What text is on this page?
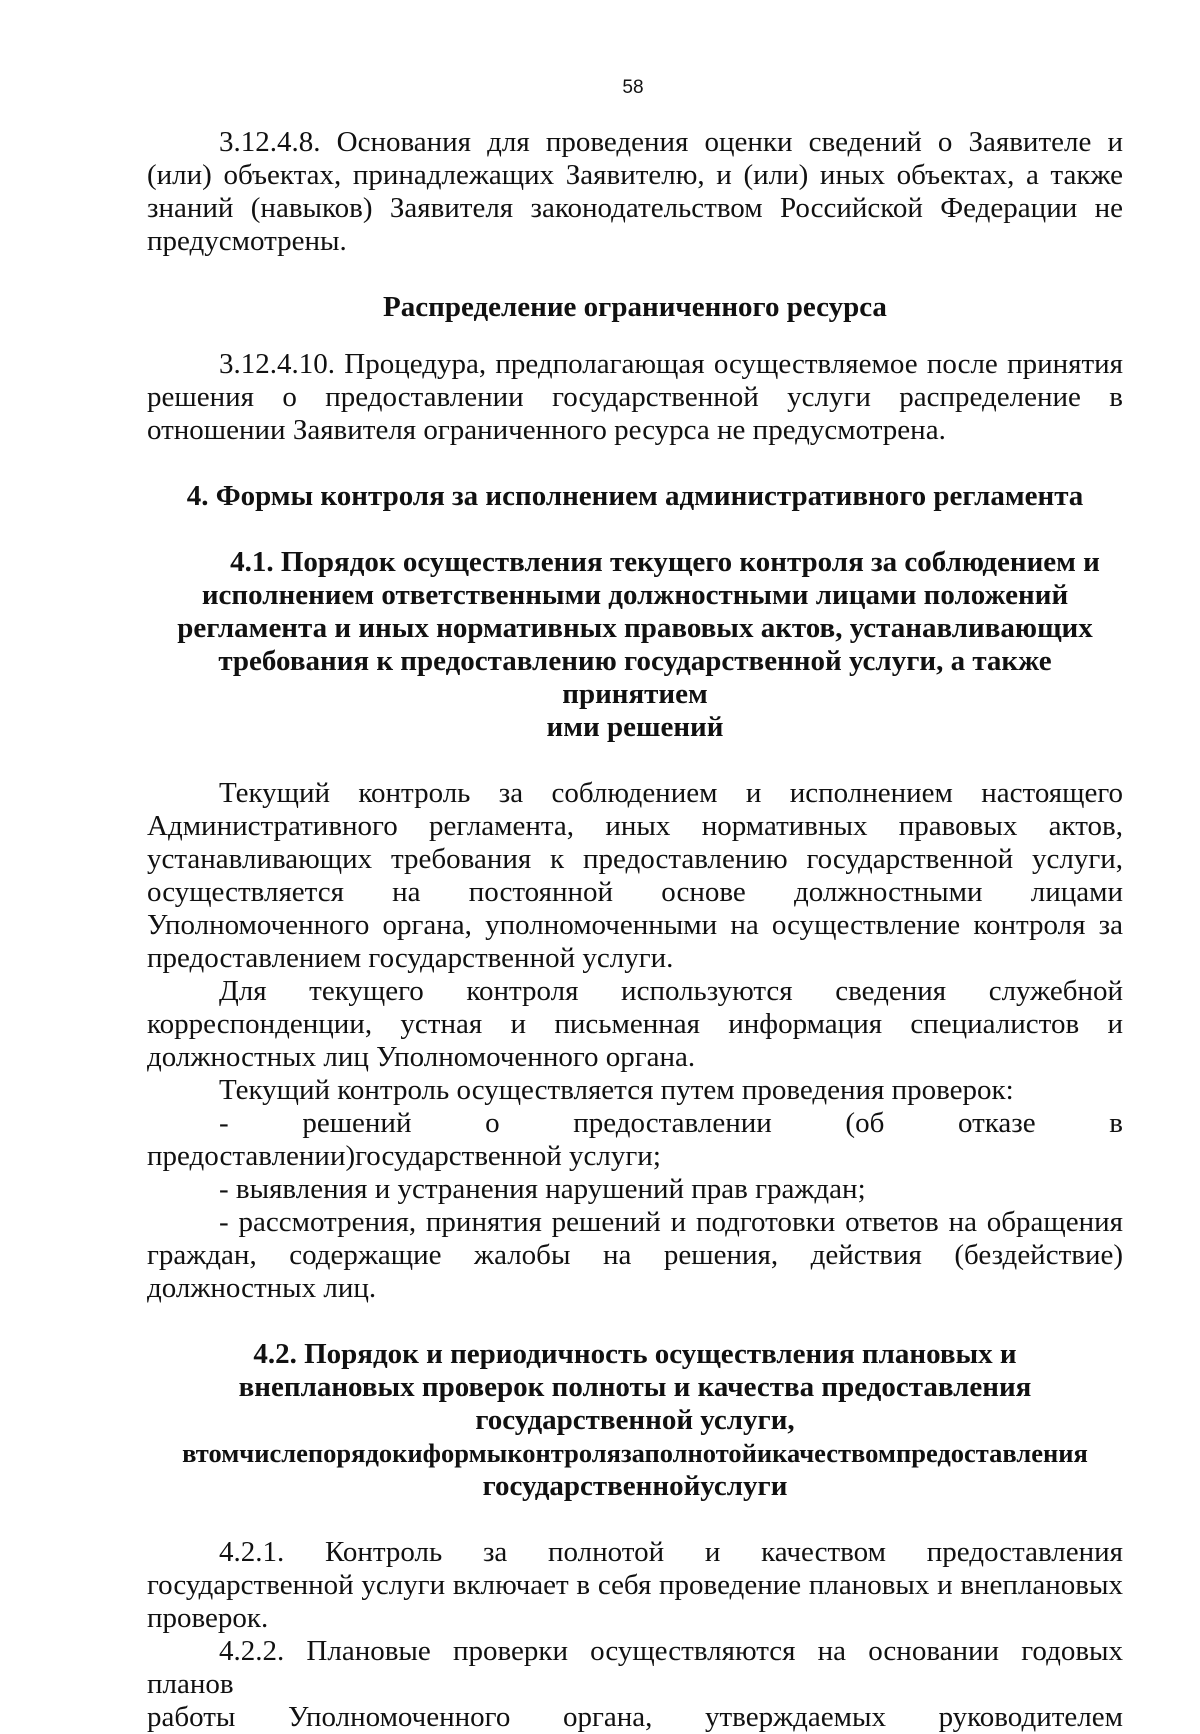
58

3.12.4.8. Основания для проведения оценки сведений о Заявителе и (или) объектах, принадлежащих Заявителю, и (или) иных объектах, а также знаний (навыков) Заявителя законодательством Российской Федерации не предусмотрены.

Распределение ограниченного ресурса

3.12.4.10. Процедура, предполагающая осуществляемое после принятия решения о предоставлении государственной услуги распределение в отношении Заявителя ограниченного ресурса не предусмотрена.

4. Формы контроля за исполнением административного регламента
4.1. Порядок осуществления текущего контроля за соблюдением и
исполнением ответственными должностными лицами положений
регламента и иных нормативных правовых актов, устанавливающих
требования к предоставлению государственной услуги, а также принятием
ими решений

Текущий контроль за соблюдением и исполнением настоящего Административного регламента, иных нормативных правовых актов, устанавливающих требования к предоставлению государственной услуги, осуществляется на постоянной основе должностными лицами Уполномоченного органа, уполномоченными на осуществление контроля за предоставлением государственной услуги.

Для текущего контроля используются сведения служебной корреспонденции, устная и письменная информация специалистов и должностных лиц Уполномоченного органа.

Текущий контроль осуществляется путем проведения проверок:

-	решений	о	предоставлении	(об	отказе	в

предоставлении)государственной услуги;

- выявления и устранения нарушений прав граждан;

- рассмотрения, принятия решений и подготовки ответов на обращения граждан, содержащие жалобы на решения, действия (бездействие) должностных лиц.

4.2. Порядок и периодичность осуществления плановых и
внеплановых проверок полноты и качества предоставления
государственной услуги,
втомчислепорядокиформыконтролязаполнотойикачествомпредоставления
государственнойуслуги

4.2.1. Контроль за полнотой и качеством предоставления государственной услуги включает в себя проведение плановых и внеплановых проверок.

4.2.2. Плановые проверки осуществляются на основании годовых планов

работы Уполномоченного органа, утверждаемых руководителем
